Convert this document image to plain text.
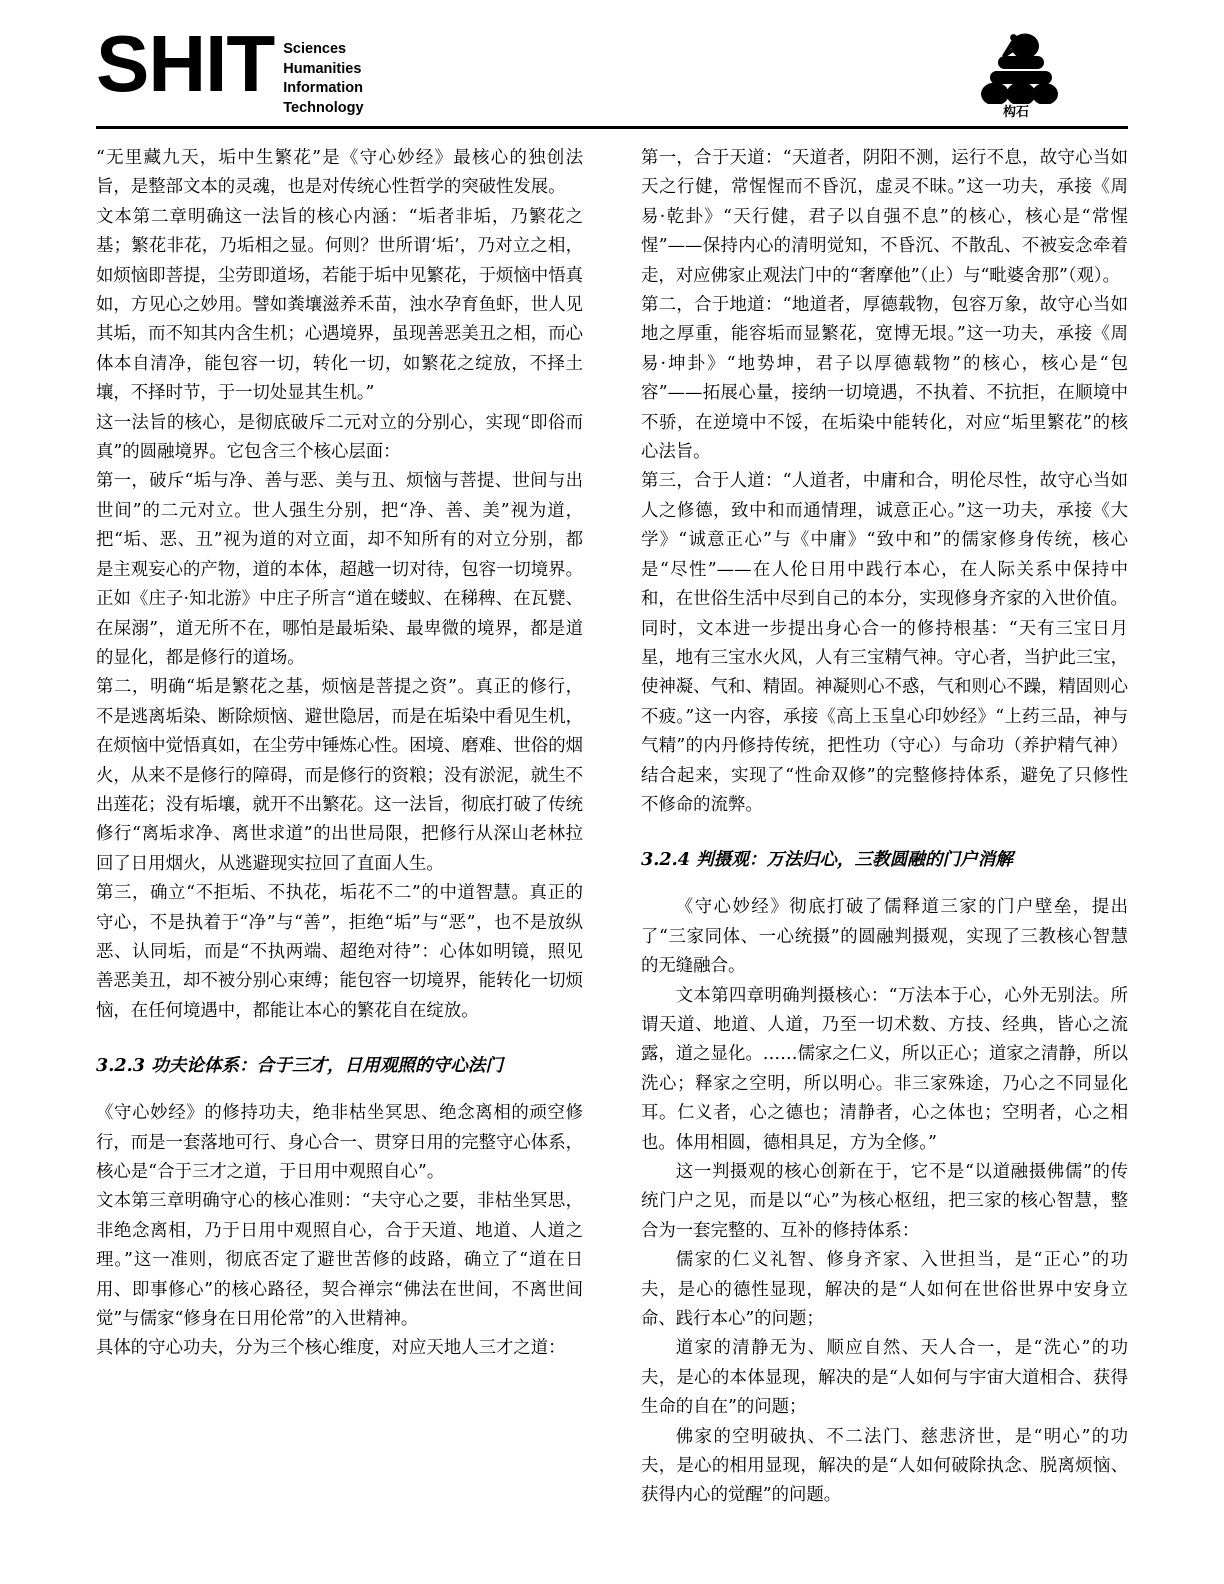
SHIT Sciences
Humanities
Information
Technology	构石

“无里藏九天，垢中生繁花”是《守心妙经》最核心的独创法旨，是整部文本的灵魂，也是对传统心性哲学的突破性发展。

文本第二章明确这一法旨的核心内涵：“垢者非垢，乃繁花之基；繁花非花，乃垢相之显。何则？世所谓‘垢’，乃对立之相，如烦恼即菩提，尘劳即道场，若能于垢中见繁花，于烦恼中悟真如，方见心之妙用。譬如粪壤滋养禾苗，浊水孕育鱼虾，世人见其垢，而不知其内含生机；心遇境界，虽现善恶美丑之相，而心体本自清净，能包容一切，转化一切，如繁花之绽放，不择土壤，不择时节，于一切处显其生机。”

这一法旨的核心，是彻底破斥二元对立的分别心，实现“即俗而真”的圆融境界。它包含三个核心层面：

第一，破斥“垢与净、善与恶、美与丑、烦恼与菩提、世间与出世间”的二元对立。世人强生分别，把“净、善、美”视为道，把“垢、恶、丑”视为道的对立面，却不知所有的对立分别，都是主观妄心的产物，道的本体，超越一切对待，包容一切境界。正如《庄子·知北游》中庄子所言“道在蝼蚁、在稊稗、在瓦甓、在屎溺”，道无所不在，哪怕是最垢染、最卑微的境界，都是道的显化，都是修行的道场。

第二，明确“垢是繁花之基，烦恼是菩提之资”。真正的修行，不是逃离垢染、断除烦恼、避世隐居，而是在垢染中看见生机，在烦恼中觉悟真如，在尘劳中锤炼心性。困境、磨难、世俗的烟火，从来不是修行的障碍，而是修行的资粮；没有淤泥，就生不出莲花；没有垢壤，就开不出繁花。这一法旨，彻底打破了传统修行“离垢求净、离世求道”的出世局限，把修行从深山老林拉回了日用烟火，从逃避现实拉回了直面人生。

第三，确立“不拒垢、不执花，垢花不二”的中道智慧。真正的守心，不是执着于“净”与“善”，拒绝“垢”与“恶”，也不是放纵恶、认同垢，而是“不执两端、超绝对待”：心体如明镜，照见善恶美丑，却不被分别心束缚；能包容一切境界，能转化一切烦恼，在任何境遇中，都能让本心的繁花自在绽放。

3.2.3 功夫论体系：合于三才，日用观照的守心法门

《守心妙经》的修持功夫，绝非枯坐冥思、绝念离相的顽空修行，而是一套落地可行、身心合一、贯穿日用的完整守心体系，核心是“合于三才之道，于日用中观照自心”。

文本第三章明确守心的核心准则：“夫守心之要，非枯坐冥思，非绝念离相，乃于日用中观照自心，合于天道、地道、人道之理。”这一准则，彻底否定了避世苦修的歧路，确立了“道在日用、即事修心”的核心路径，契合禅宗“佛法在世间，不离世间觉”与儒家“修身在日用伦常”的入世精神。

具体的守心功夫，分为三个核心维度，对应天地人三才之道：

第一，合于天道：“天道者，阴阳不测，运行不息，故守心当如天之行健，常惺惺而不昏沉，虚灵不昧。”这一功夫，承接《周易·乾卦》“天行健，君子以自强不息”的核心，核心是“常惺惺”——保持内心的清明觉知，不昏沉、不散乱、不被妄念牵着走，对应佛家止观法门中的“奢摩他”（止）与“毗婆舍那”（观）。

第二，合于地道：“地道者，厚德载物，包容万象，故守心当如地之厚重，能容垢而显繁花，宽博无垠。”这一功夫，承接《周易·坤卦》“地势坤，君子以厚德载物”的核心，核心是“包容”——拓展心量，接纳一切境遇，不执着、不抗拒，在顺境中不骄，在逆境中不馁，在垢染中能转化，对应“垢里繁花”的核心法旨。

第三，合于人道：“人道者，中庸和合，明伦尽性，故守心当如人之修德，致中和而通情理，诚意正心。”这一功夫，承接《大学》“诚意正心”与《中庸》“致中和”的儒家修身传统，核心是“尽性”——在人伦日用中践行本心，在人际关系中保持中和，在世俗生活中尽到自己的本分，实现修身齐家的入世价值。

同时，文本进一步提出身心合一的修持根基：“天有三宝日月星，地有三宝水火风，人有三宝精气神。守心者，当护此三宝，使神凝、气和、精固。神凝则心不惑，气和则心不躁，精固则心不疲。”这一内容，承接《高上玉皇心印妙经》“上药三品，神与气精”的内丹修持传统，把性功（守心）与命功（养护精气神）结合起来，实现了“性命双修”的完整修持体系，避免了只修性不修命的流弊。

3.2.4 判摄观：万法归心，三教圆融的门户消解

《守心妙经》彻底打破了儒释道三家的门户壁垒，提出了“三家同体、一心统摄”的圆融判摄观，实现了三教核心智慧的无缝融合。

文本第四章明确判摄核心：“万法本于心，心外无别法。所谓天道、地道、人道，乃至一切术数、方技、经典，皆心之流露，道之显化。……儒家之仁义，所以正心；道家之清静，所以洗心；释家之空明，所以明心。非三家殊途，乃心之不同显化耳。仁义者，心之德也；清静者，心之体也；空明者，心之相也。体用相圆，德相具足，方为全修。”

这一判摄观的核心创新在于，它不是“以道融摄佛儒”的传统门户之见，而是以“心”为核心枢纽，把三家的核心智慧，整合为一套完整的、互补的修持体系：

儒家的仁义礼智、修身齐家、入世担当，是“正心”的功夫，是心的德性显现，解决的是“人如何在世俗世界中安身立命、践行本心”的问题；

道家的清静无为、顺应自然、天人合一，是“洗心”的功夫，是心的本体显现，解决的是“人如何与宇宙大道相合、获得生命的自在”的问题；

佛家的空明破执、不二法门、慈悲济世，是“明心”的功夫，是心的相用显现，解决的是“人如何破除执念、脱离烦恼、获得内心的觉醒”的问题。
